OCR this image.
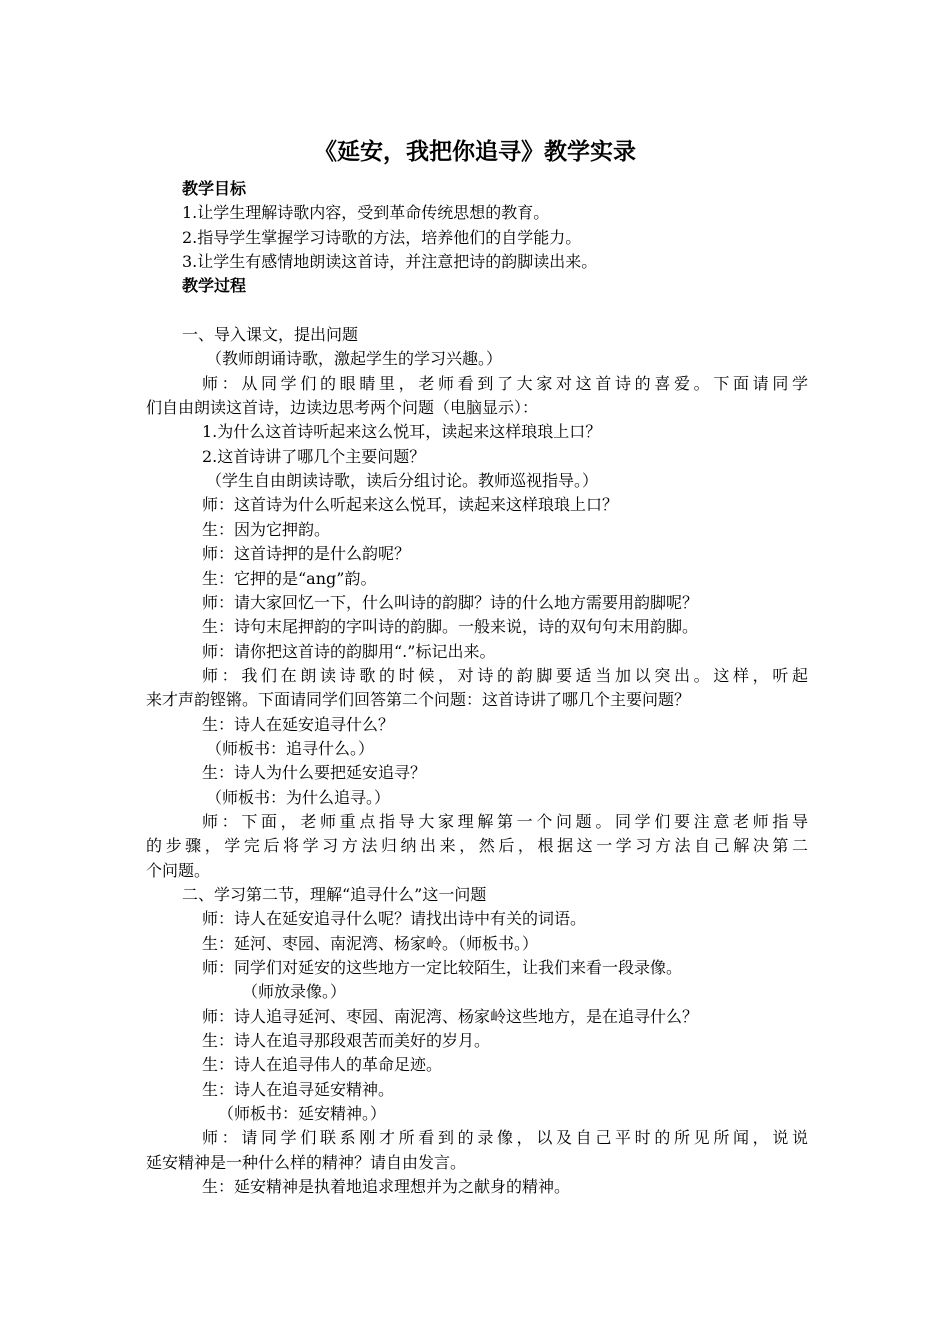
《延安，我把你追寻》教学实录
教学目标
1.让学生理解诗歌内容，受到革命传统思想的教育。
2.指导学生掌握学习诗歌的方法，培养他们的自学能力。
3.让学生有感情地朗读这首诗，并注意把诗的韵脚读出来。
教学过程
一、导入课文，提出问题
（教师朗诵诗歌，激起学生的学习兴趣。）
师：从同学们的眼睛里，老师看到了大家对这首诗的喜爱。下面请同学
们自由朗读这首诗，边读边思考两个问题（电脑显示）：
1.为什么这首诗听起来这么悦耳，读起来这样琅琅上口？
2.这首诗讲了哪几个主要问题？
（学生自由朗读诗歌，读后分组讨论。教师巡视指导。）
师：这首诗为什么听起来这么悦耳，读起来这样琅琅上口？
生：因为它押韵。
师：这首诗押的是什么韵呢？
生：它押的是“ang”韵。
师：请大家回忆一下，什么叫诗的韵脚？诗的什么地方需要用韵脚呢？
生：诗句末尾押韵的字叫诗的韵脚。一般来说，诗的双句句末用韵脚。
师：请你把这首诗的韵脚用“.”标记出来。
师：我们在朗读诗歌的时候，对诗的韵脚要适当加以突出。这样，听起
来才声韵铿锵。下面请同学们回答第二个问题：这首诗讲了哪几个主要问题？
生：诗人在延安追寻什么？
（师板书：追寻什么。）
生：诗人为什么要把延安追寻？
（师板书：为什么追寻。）
师：下面，老师重点指导大家理解第一个问题。同学们要注意老师指导
的步骤，学完后将学习方法归纳出来，然后，根据这一学习方法自己解决第二
个问题。
二、学习第二节，理解“追寻什么”这一问题
师：诗人在延安追寻什么呢？请找出诗中有关的词语。
生：延河、枣园、南泥湾、杨家岭。（师板书。）
师：同学们对延安的这些地方一定比较陌生，让我们来看一段录像。
（师放录像。）
师：诗人追寻延河、枣园、南泥湾、杨家岭这些地方，是在追寻什么？
生：诗人在追寻那段艰苦而美好的岁月。
生：诗人在追寻伟人的革命足迹。
生：诗人在追寻延安精神。
（师板书：延安精神。）
师：请同学们联系刚才所看到的录像，以及自己平时的所见所闻，说说
延安精神是一种什么样的精神？请自由发言。
生：延安精神是执着地追求理想并为之献身的精神。
